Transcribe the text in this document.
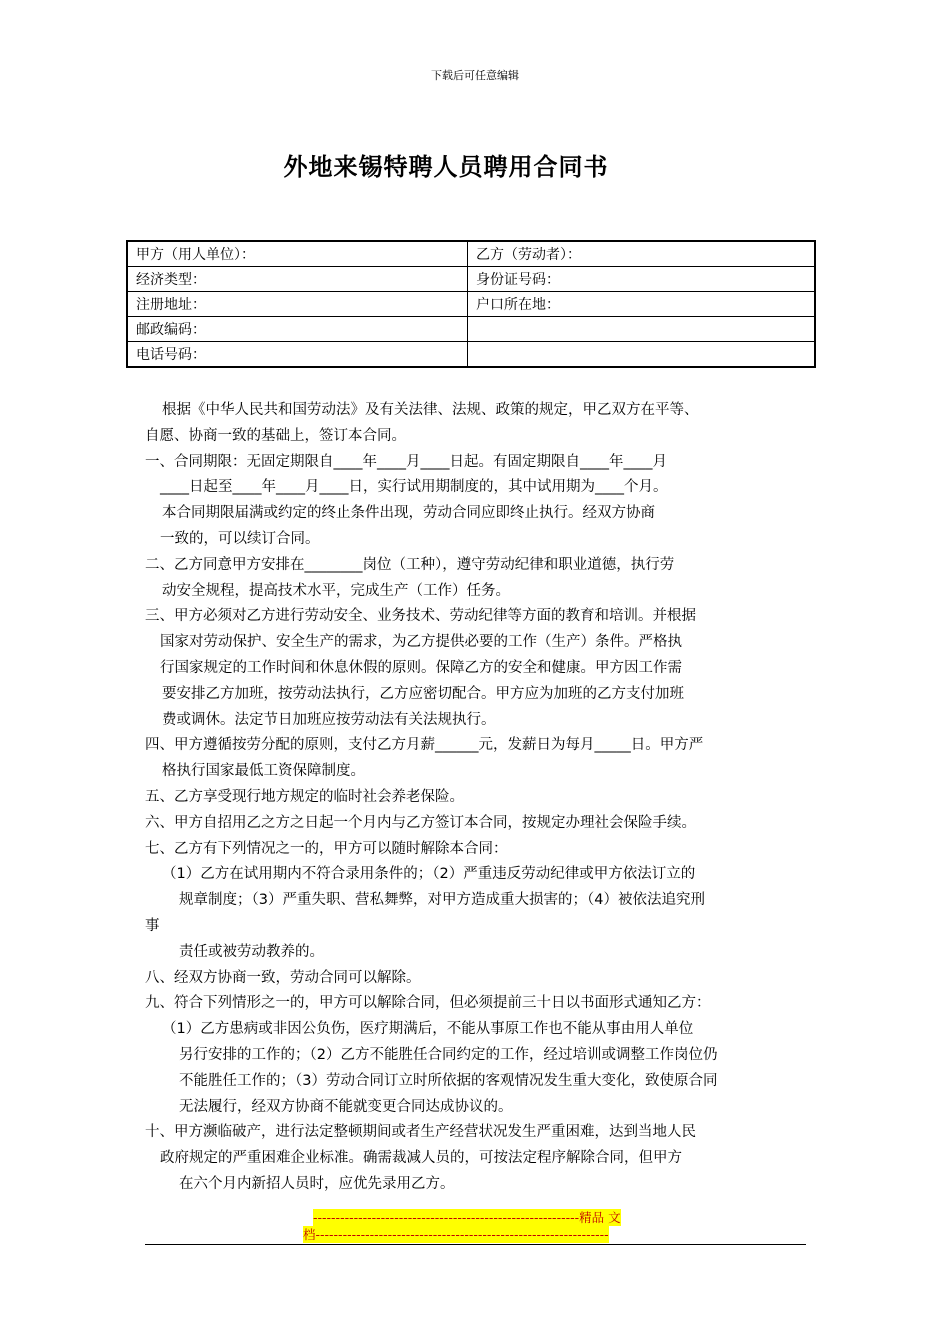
下载后可任意编辑
外地来锡特聘人员聘用合同书
甲方（用人单位）：	乙方（劳动者）：
经济类型：	身份证号码：
注册地址：	户口所在地：
邮政编码：	
电话号码：	
根据《中华人民共和国劳动法》及有关法律、法规、政策的规定，甲乙双方在平等、
自愿、协商一致的基础上，签订本合同。
一、合同期限：无固定期限自____年____月____日起。有固定期限自____年____月
____日起至____年____月____日，实行试用期制度的，其中试用期为____个月。
本合同期限届满或约定的终止条件出现，劳动合同应即终止执行。经双方协商
一致的，可以续订合同。
二、乙方同意甲方安排在________岗位（工种），遵守劳动纪律和职业道德，执行劳
动安全规程，提高技术水平，完成生产（工作）任务。
三、甲方必须对乙方进行劳动安全、业务技术、劳动纪律等方面的教育和培训。并根据
国家对劳动保护、安全生产的需求，为乙方提供必要的工作（生产）条件。严格执
行国家规定的工作时间和休息休假的原则。保障乙方的安全和健康。甲方因工作需
要安排乙方加班，按劳动法执行，乙方应密切配合。甲方应为加班的乙方支付加班
费或调休。法定节日加班应按劳动法有关法规执行。
四、甲方遵循按劳分配的原则，支付乙方月薪______元，发薪日为每月_____日。甲方严
格执行国家最低工资保障制度。
五、乙方享受现行地方规定的临时社会养老保险。
六、甲方自招用乙之方之日起一个月内与乙方签订本合同，按规定办理社会保险手续。
七、乙方有下列情况之一的，甲方可以随时解除本合同：
（1）乙方在试用期内不符合录用条件的；（2）严重违反劳动纪律或甲方依法订立的
规章制度；（3）严重失职、营私舞弊，对甲方造成重大损害的；（4）被依法追究刑
事
责任或被劳动教养的。
八、经双方协商一致，劳动合同可以解除。
九、符合下列情形之一的，甲方可以解除合同，但必须提前三十日以书面形式通知乙方：
（1）乙方患病或非因公负伤，医疗期满后，不能从事原工作也不能从事由用人单位
另行安排的工作的；（2）乙方不能胜任合同约定的工作，经过培训或调整工作岗位仍
不能胜任工作的；（3）劳动合同订立时所依据的客观情况发生重大变化，致使原合同
无法履行，经双方协商不能就变更合同达成协议的。
十、甲方濒临破产，进行法定整顿期间或者生产经营状况发生严重困难，达到当地人民
政府规定的严重困难企业标准。确需裁减人员的，可按法定程序解除合同，但甲方
在六个月内新招人员时，应优先录用乙方。
-----------------------------------------------------------精品 文
档-----------------------------------------------------------------
